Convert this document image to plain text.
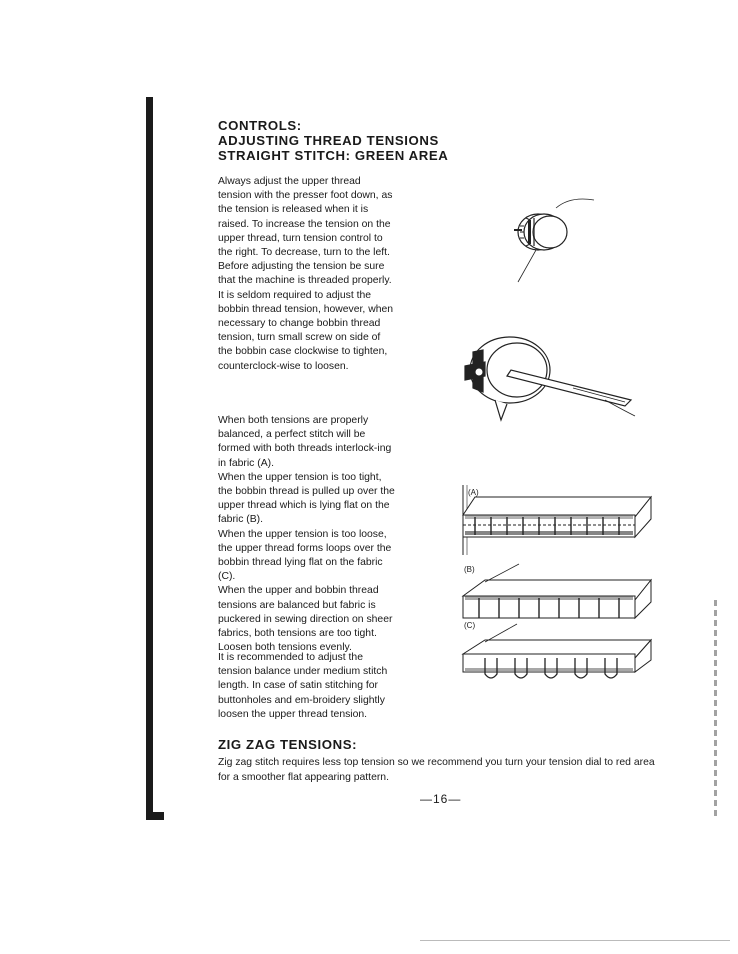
CONTROLS:
ADJUSTING THREAD TENSIONS
STRAIGHT STITCH: GREEN AREA

Always adjust the upper thread tension with the presser foot down, as the tension is released when it is raised. To increase the tension on the upper thread, turn tension control to the right. To decrease, turn to the left. Before adjusting the tension be sure that the machine is threaded properly.

It is seldom required to adjust the bobbin thread tension, however, when necessary to change bobbin thread tension, turn small screw on side of the bobbin case clockwise to tighten, counterclock-wise to loosen.

When both tensions are properly balanced, a perfect stitch will be formed with both threads interlock-ing in fabric (A).

When the upper tension is too tight, the bobbin thread is pulled up over the upper thread which is lying flat on the fabric (B).

When the upper tension is too loose, the upper thread forms loops over the bobbin thread lying flat on the fabric (C).

When the upper and bobbin thread tensions are balanced but fabric is puckered in sewing direction on sheer fabrics, both tensions are too tight. Loosen both tensions evenly.

It is recommended to adjust the tension balance under medium stitch length. In case of satin stitching for buttonholes and em-broidery slightly loosen the upper thread tension.

ZIG ZAG TENSIONS:
Zig zag stitch requires less top tension so we recommend you turn your tension dial to red area for a smoother flat appearing pattern.
—16—
(A)
(B)
(C)
